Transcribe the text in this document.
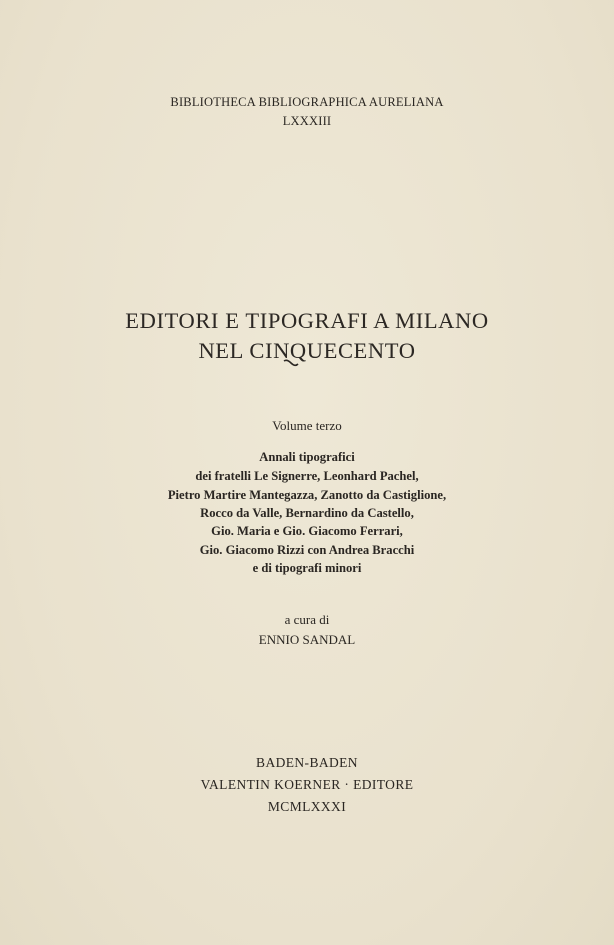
BIBLIOTHECA BIBLIOGRAPHICA AURELIANA
LXXXIII
EDITORI E TIPOGRAFI A MILANO
NEL CINQUECENTO
Volume terzo
Annali tipografici
dei fratelli Le Signerre, Leonhard Pachel,
Pietro Martire Mantegazza, Zanotto da Castiglione,
Rocco da Valle, Bernardino da Castello,
Gio. Maria e Gio. Giacomo Ferrari,
Gio. Giacomo Rizzi con Andrea Bracchi
e di tipografi minori
a cura di
ENNIO SANDAL
BADEN-BADEN
VALENTIN KOERNER · EDITORE
MCMLXXXI
